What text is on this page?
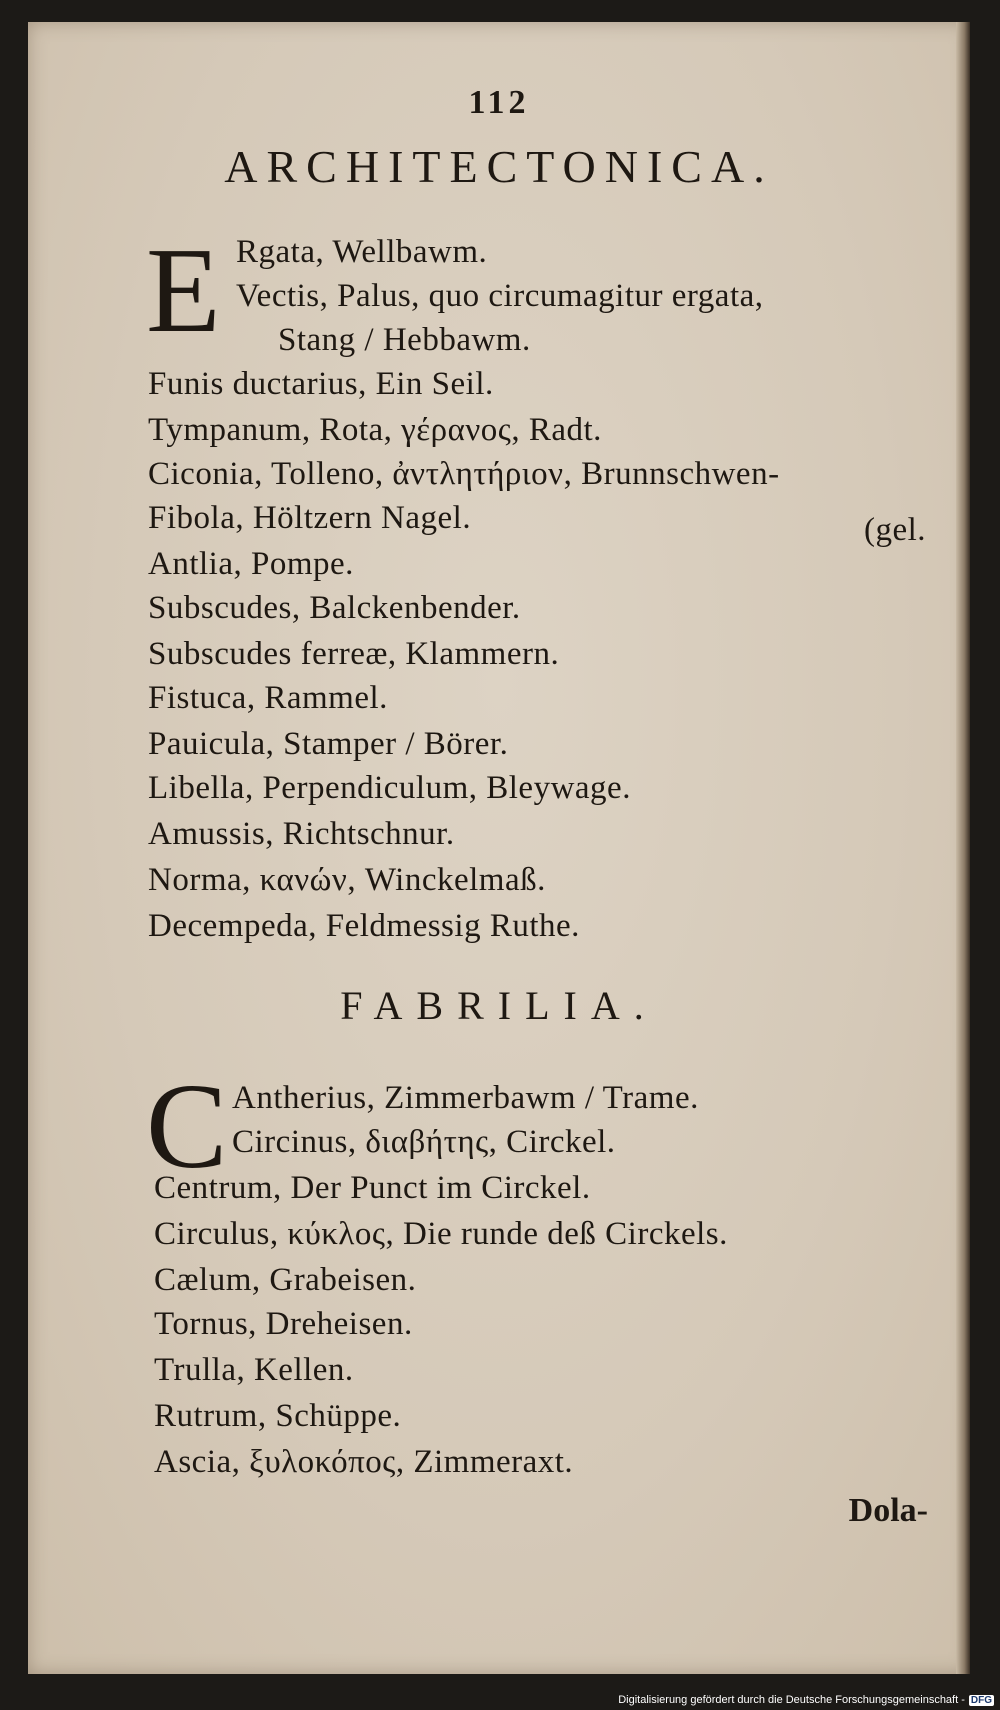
112
ARCHITECTONICA.
E Rgata, Wellbawm.
Vectis, Palus, quo circumagitur ergata,
Stang / Hebbawm.
Funis ductarius, Ein Seil.
Tympanum, Rota, γέρανος, Radt.
Ciconia, Tolleno, ἀντλητήριον, Brunnschwen-
Fibola, Höltzern Nagel.	(gel.
Antlia, Pompe.
Subscudes, Balckenbender.
Subscudes ferreæ, Klammern.
Fistuca, Rammel.
Pauicula, Stamper / Börer.
Libella, Perpendiculum, Bleywage.
Amussis, Richtschnur.
Norma, κανών, Winckelmaß.
Decempeda, Feldmessig Ruthe.
FABRILIA.
C Antherius, Zimmerbawm / Trame.
Circinus, διαβήτης, Circkel.
Centrum, Der Punct im Circkel.
Circulus, κύκλος, Die runde deß Circkels.
Cælum, Grabeisen.
Tornus, Dreheisen.
Trulla, Kellen.
Rutrum, Schüppe.
Ascia, ξυλοκόπος, Zimmeraxt.
Dola-
Digitalisierung gefördert durch die Deutsche Forschungsgemeinschaft - DFG
